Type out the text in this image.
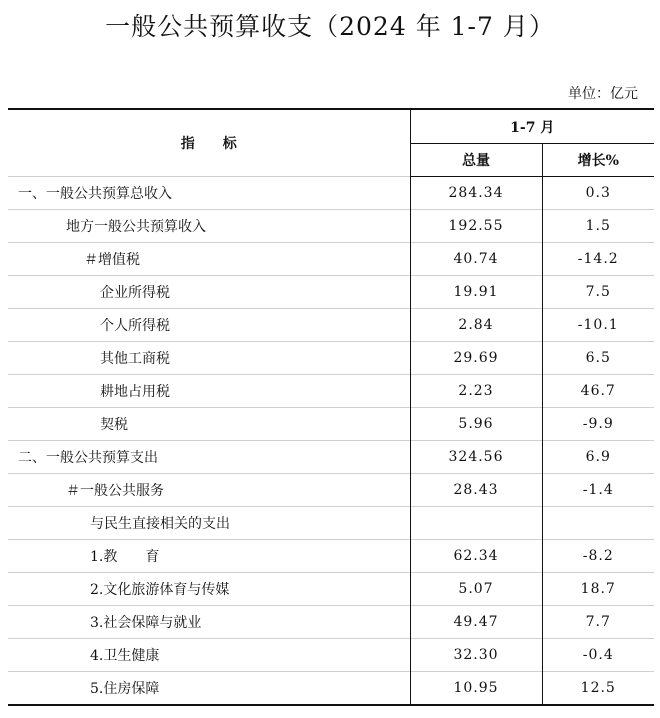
一般公共预算收支（2024 年 1-7 月）
单位：亿元
指　　标	1-7 月	
	总量	增长%
一、一般公共预算总收入	284.34	0.3
地方一般公共预算收入	192.55	1.5
＃增值税	40.74	-14.2
企业所得税	19.91	7.5
个人所得税	2.84	-10.1
其他工商税	29.69	6.5
耕地占用税	2.23	46.7
契税	5.96	-9.9
二、一般公共预算支出	324.56	6.9
＃一般公共服务	28.43	-1.4
与民生直接相关的支出		
1.教　　育	62.34	-8.2
2.文化旅游体育与传媒	5.07	18.7
3.社会保障与就业	49.47	7.7
4.卫生健康	32.30	-0.4
5.住房保障	10.95	12.5
